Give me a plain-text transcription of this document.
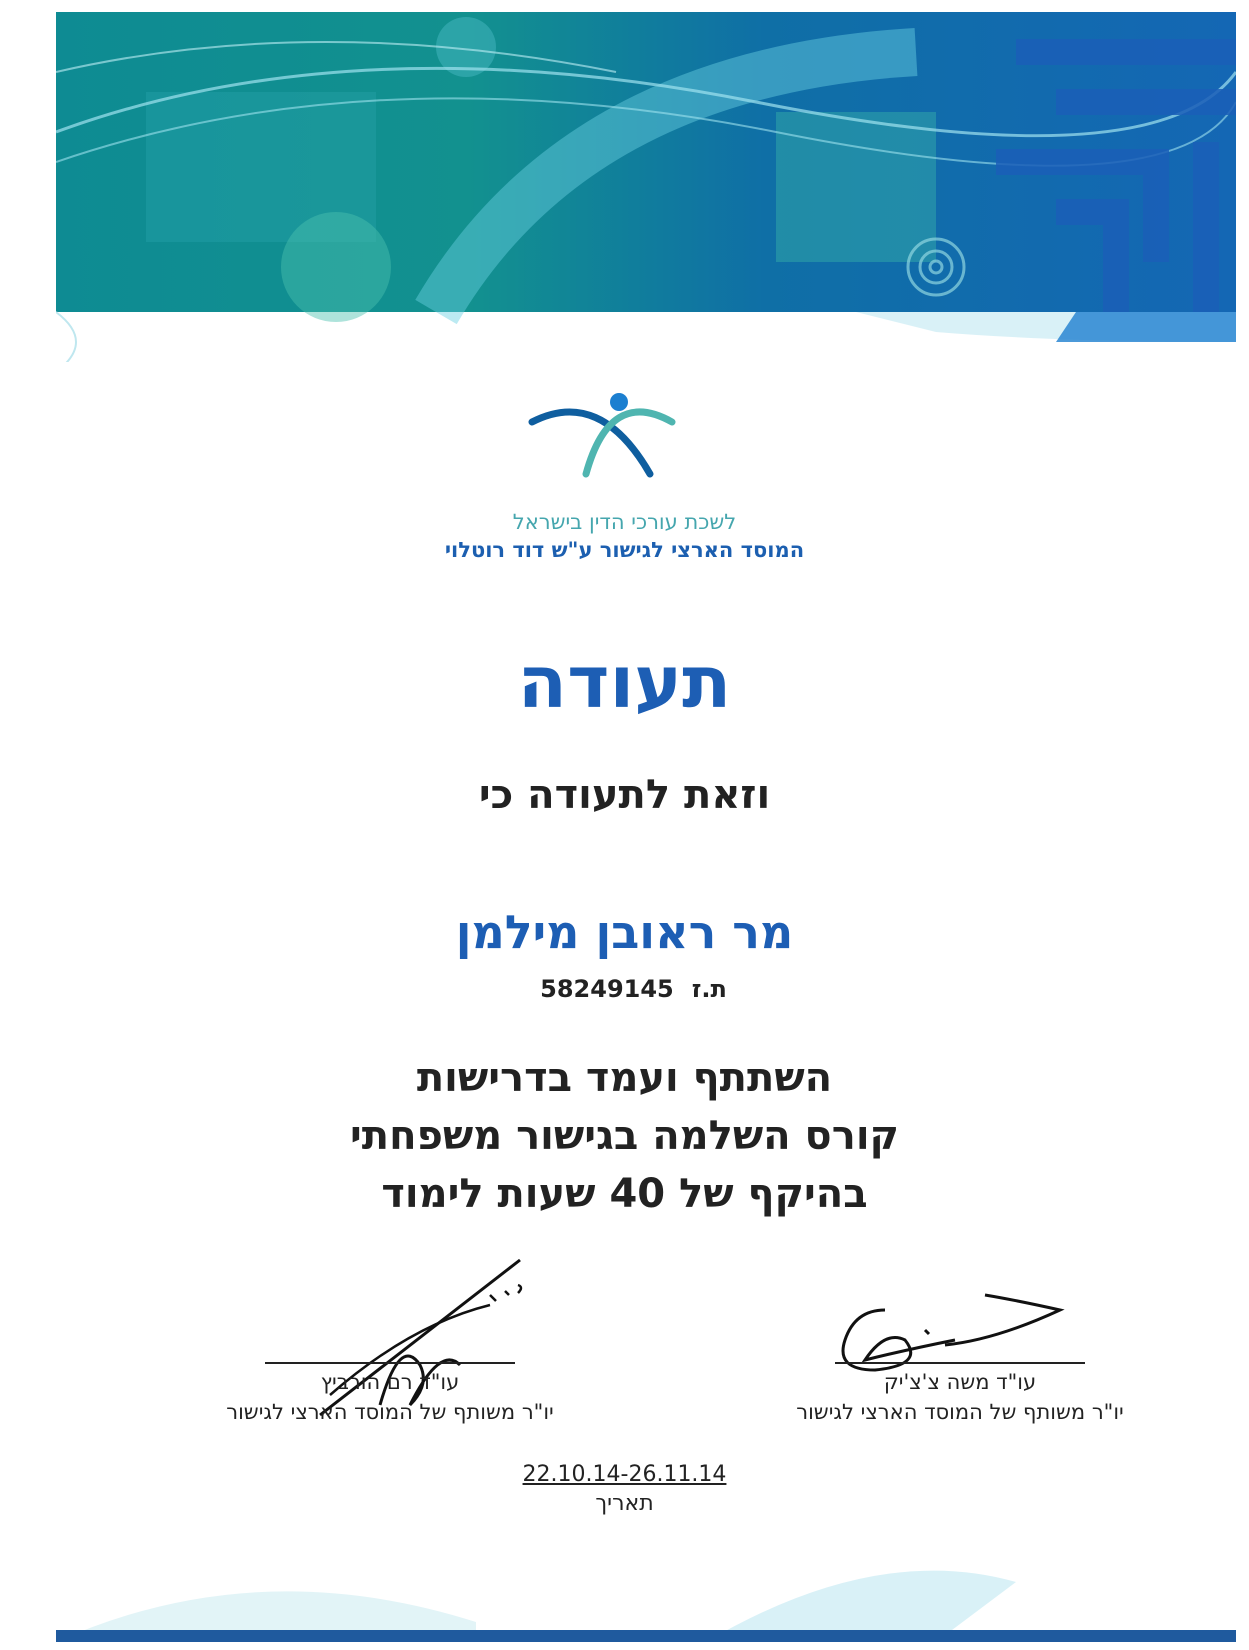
לשכת עורכי הדין בישראל
המוסד הארצי לגישור ע"ש דוד רוטלוי
תעודה
וזאת לתעודה כי
מר ראובן מילמן
ת.ז58249145
השתתף ועמד בדרישות
קורס השלמה בגישור משפחתי
בהיקף של 40 שעות לימוד
עו"ד רם הורביץ
יו"ר משותף של המוסד הארצי לגישור
עו"ד משה צ'צ'יק
יו"ר משותף של המוסד הארצי לגישור
22.10.14-26.11.14
תאריך
